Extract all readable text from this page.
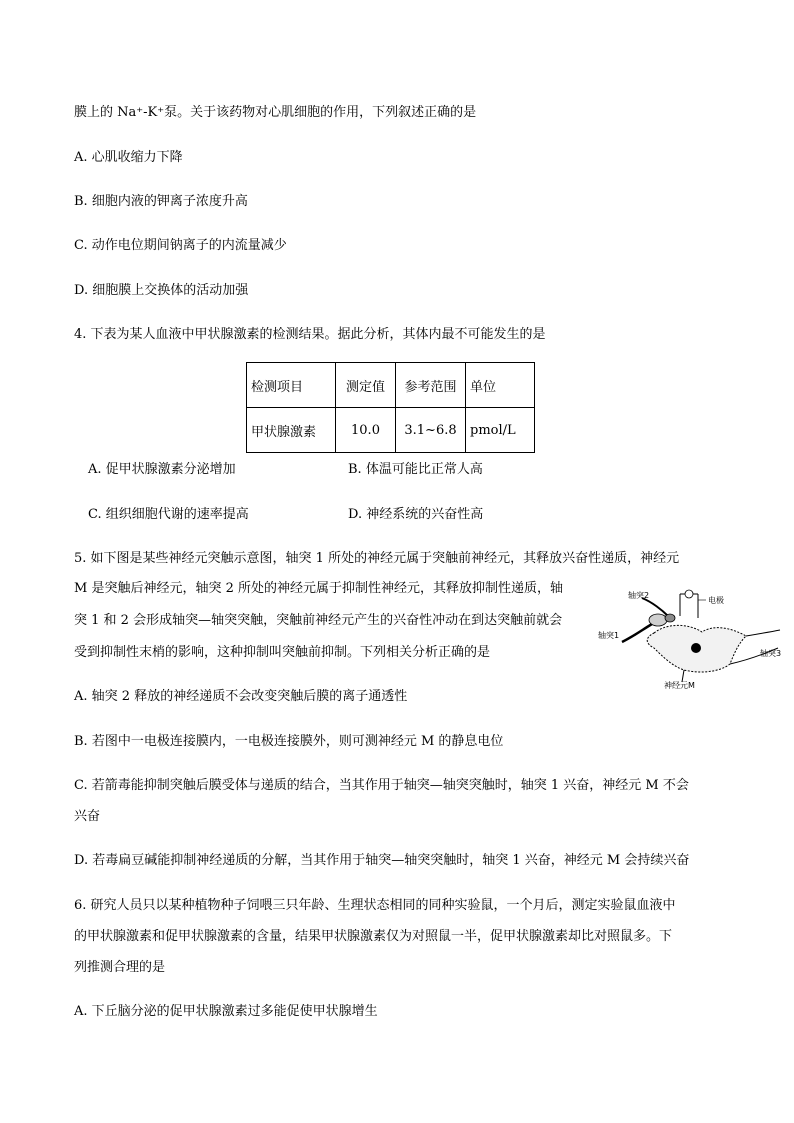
膜上的 Na⁺-K⁺泵。关于该药物对心肌细胞的作用，下列叙述正确的是
A. 心肌收缩力下降
B. 细胞内液的钾离子浓度升高
C. 动作电位期间钠离子的内流量减少
D. 细胞膜上交换体的活动加强
4. 下表为某人血液中甲状腺激素的检测结果。据此分析，其体内最不可能发生的是
检测项目	测定值	参考范围	单位
甲状腺激素	10.0	3.1~6.8	pmol/L
A. 促甲状腺激素分泌增加	B. 体温可能比正常人高
C. 组织细胞代谢的速率提高	D. 神经系统的兴奋性高
5. 如下图是某些神经元突触示意图，轴突 1 所处的神经元属于突触前神经元，其释放兴奋性递质，神经元
M 是突触后神经元，轴突 2 所处的神经元属于抑制性神经元，其释放抑制性递质，轴
突 1 和 2 会形成轴突—轴突突触，突触前神经元产生的兴奋性冲动在到达突触前就会
受到抑制性末梢的影响，这种抑制叫突触前抑制。下列相关分析正确的是
轴突2
电极
轴突1
轴突3
神经元M
A. 轴突 2 释放的神经递质不会改变突触后膜的离子通透性
B. 若图中一电极连接膜内，一电极连接膜外，则可测神经元 M 的静息电位
C. 若箭毒能抑制突触后膜受体与递质的结合，当其作用于轴突—轴突突触时，轴突 1 兴奋，神经元 M 不会
兴奋
D. 若毒扁豆碱能抑制神经递质的分解，当其作用于轴突—轴突突触时，轴突 1 兴奋，神经元 M 会持续兴奋
6. 研究人员只以某种植物种子饲喂三只年龄、生理状态相同的同种实验鼠，一个月后，测定实验鼠血液中
的甲状腺激素和促甲状腺激素的含量，结果甲状腺激素仅为对照鼠一半，促甲状腺激素却比对照鼠多。下
列推测合理的是
A. 下丘脑分泌的促甲状腺激素过多能促使甲状腺增生
